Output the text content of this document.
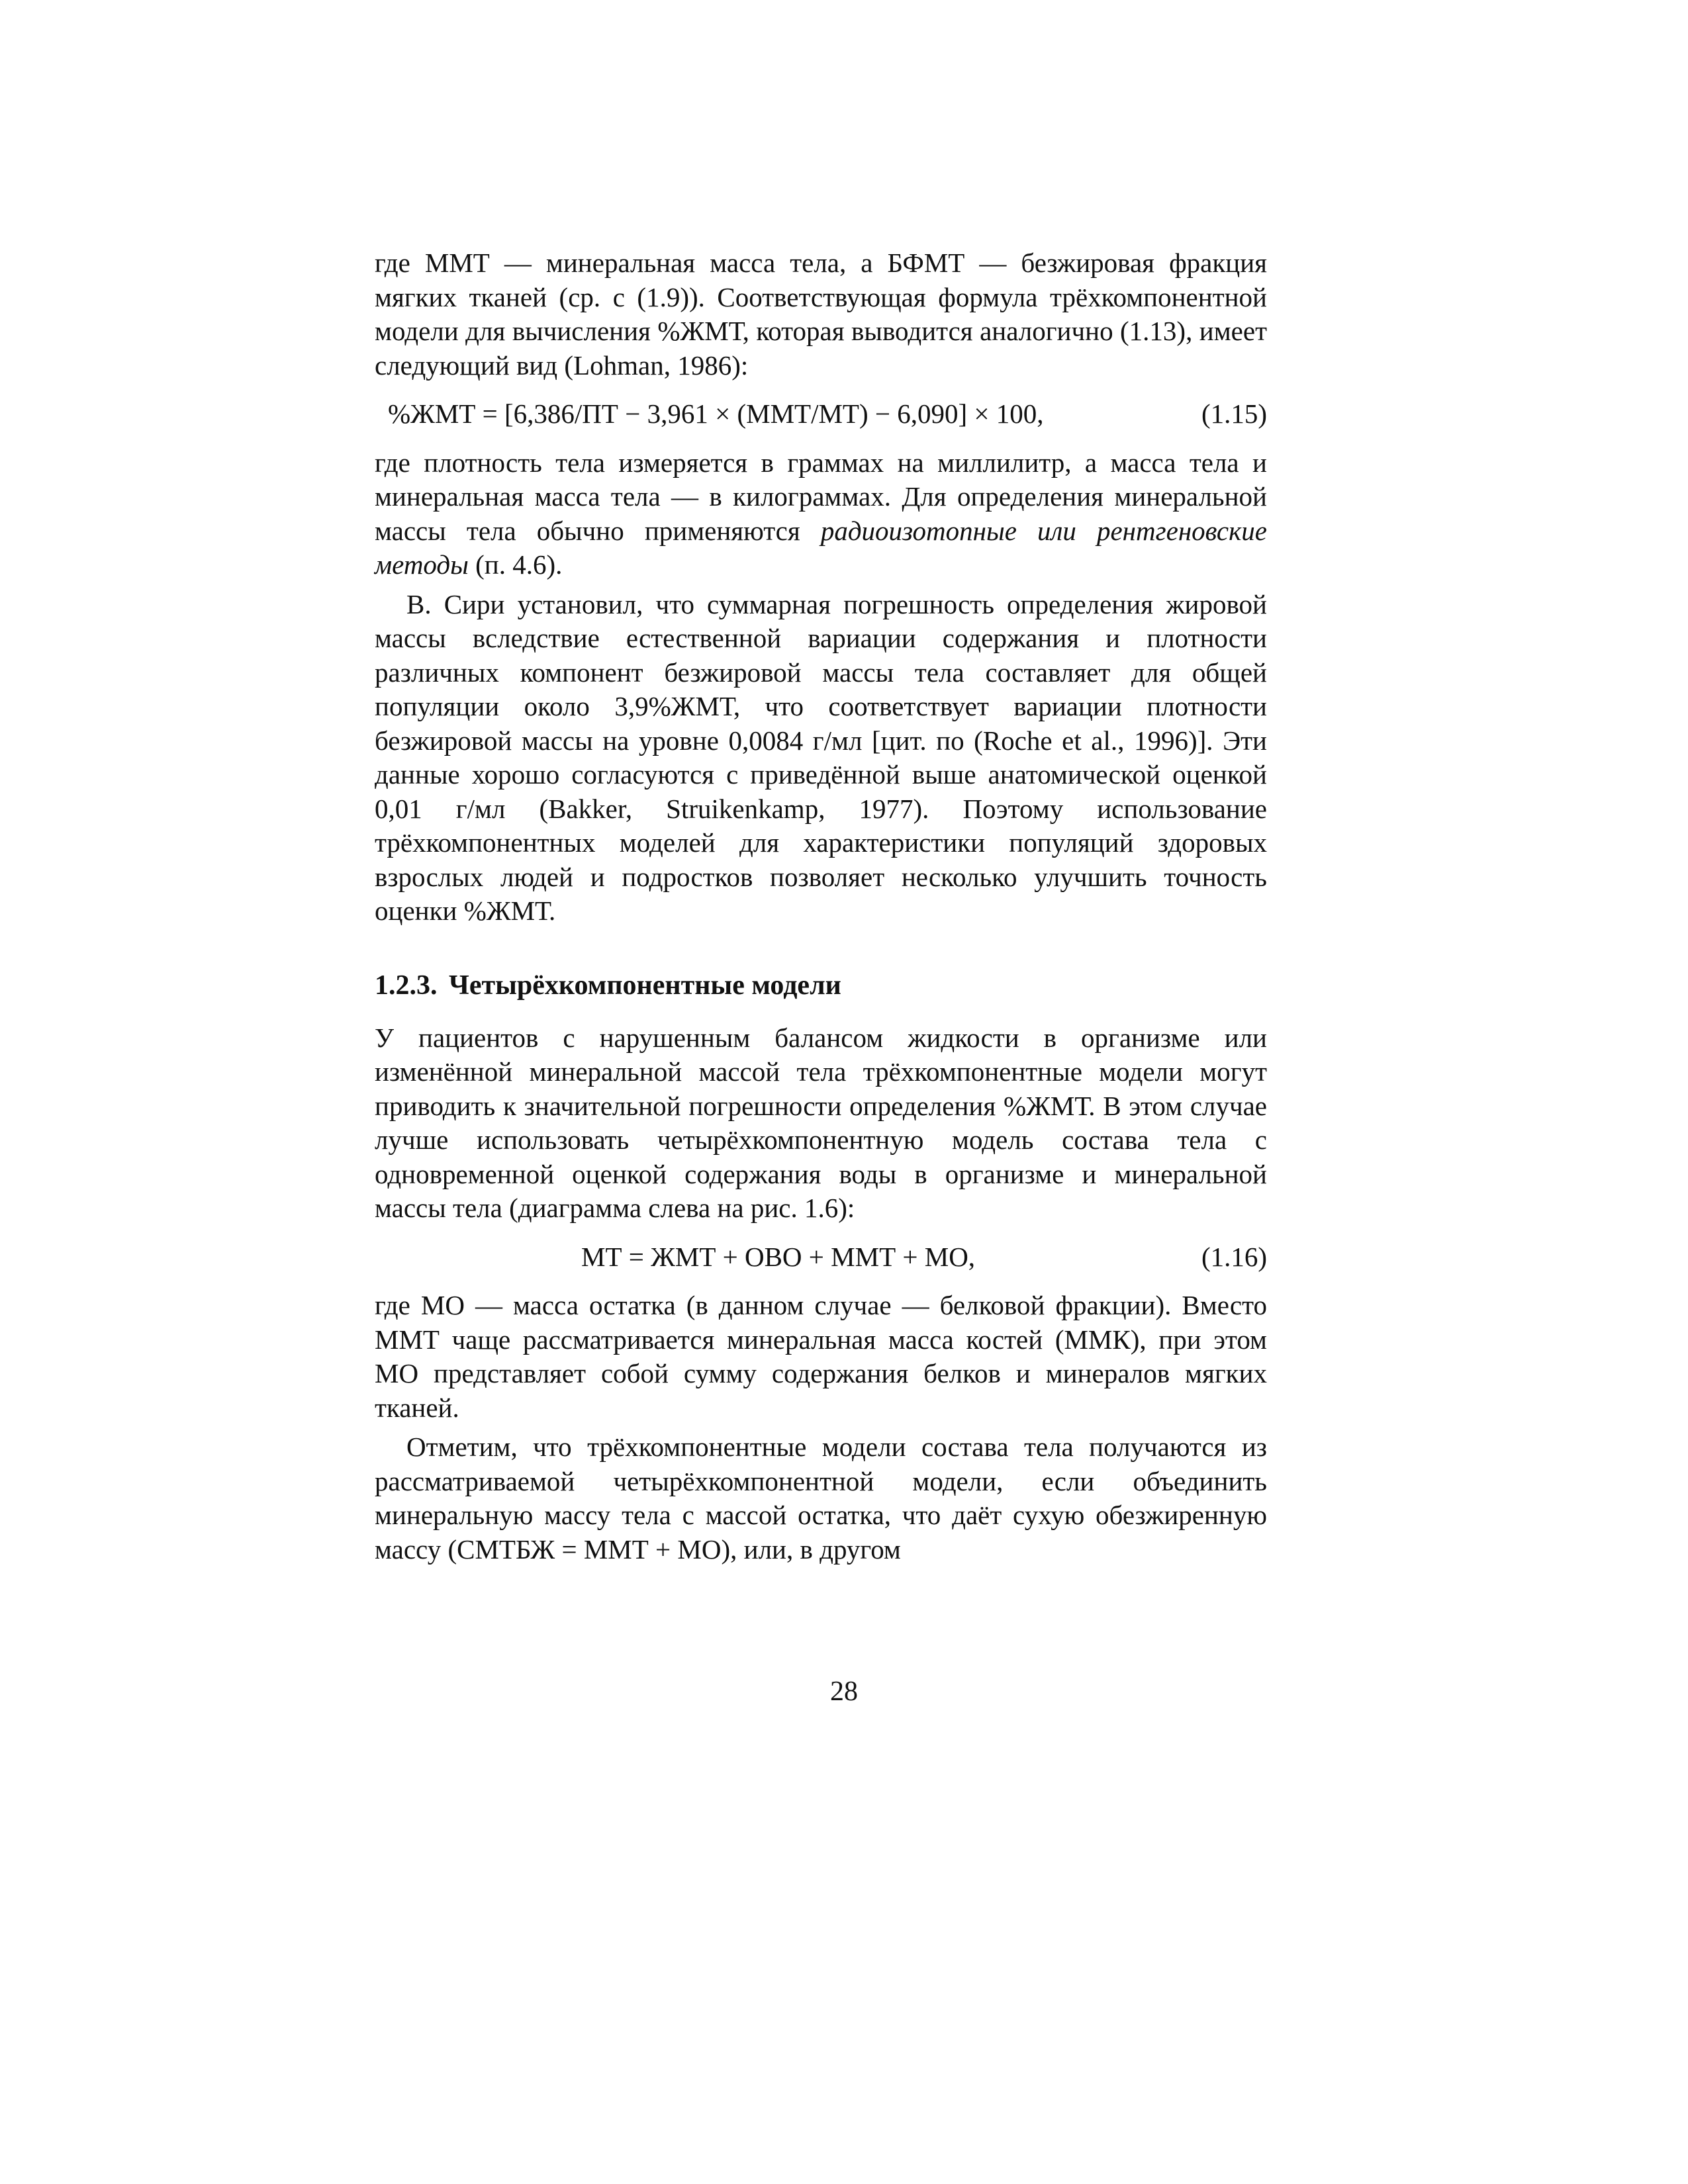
где ММТ — минеральная масса тела, а БФМТ — безжировая фракция мягких тканей (ср. с (1.9)). Соответствующая формула трёхкомпонентной модели для вычисления %ЖМТ, которая выводится аналогично (1.13), имеет следующий вид (Lohman, 1986):

%ЖМТ = [6,386/ПТ − 3,961 × (ММТ/МТ) − 6,090] × 100,	(1.15)

где плотность тела измеряется в граммах на миллилитр, а масса тела и минеральная масса тела — в килограммах. Для определения минеральной массы тела обычно применяются радиоизотопные или рентгеновские методы (п. 4.6).

В. Сири установил, что суммарная погрешность определения жировой массы вследствие естественной вариации содержания и плотности различных компонент безжировой массы тела составляет для общей популяции около 3,9%ЖМТ, что соответствует вариации плотности безжировой массы на уровне 0,0084 г/мл [цит. по (Roche et al., 1996)]. Эти данные хорошо согласуются с приведённой выше анатомической оценкой 0,01 г/мл (Bakker, Struikenkamp, 1977). Поэтому использование трёхкомпонентных моделей для характеристики популяций здоровых взрослых людей и подростков позволяет несколько улучшить точность оценки %ЖМТ.

1.2.3. Четырёхкомпонентные модели

У пациентов с нарушенным балансом жидкости в организме или изменённой минеральной массой тела трёхкомпонентные модели могут приводить к значительной погрешности определения %ЖМТ. В этом случае лучше использовать четырёхкомпонентную модель состава тела с одновременной оценкой содержания воды в организме и минеральной массы тела (диаграмма слева на рис. 1.6):

МТ = ЖМТ + ОВО + ММТ + МО,	(1.16)

где МО — масса остатка (в данном случае — белковой фракции). Вместо ММТ чаще рассматривается минеральная масса костей (ММК), при этом МО представляет собой сумму содержания белков и минералов мягких тканей.

Отметим, что трёхкомпонентные модели состава тела получаются из рассматриваемой четырёхкомпонентной модели, если объединить минеральную массу тела с массой остатка, что даёт сухую обезжиренную массу (СМТБЖ = ММТ + МО), или, в другом

28
